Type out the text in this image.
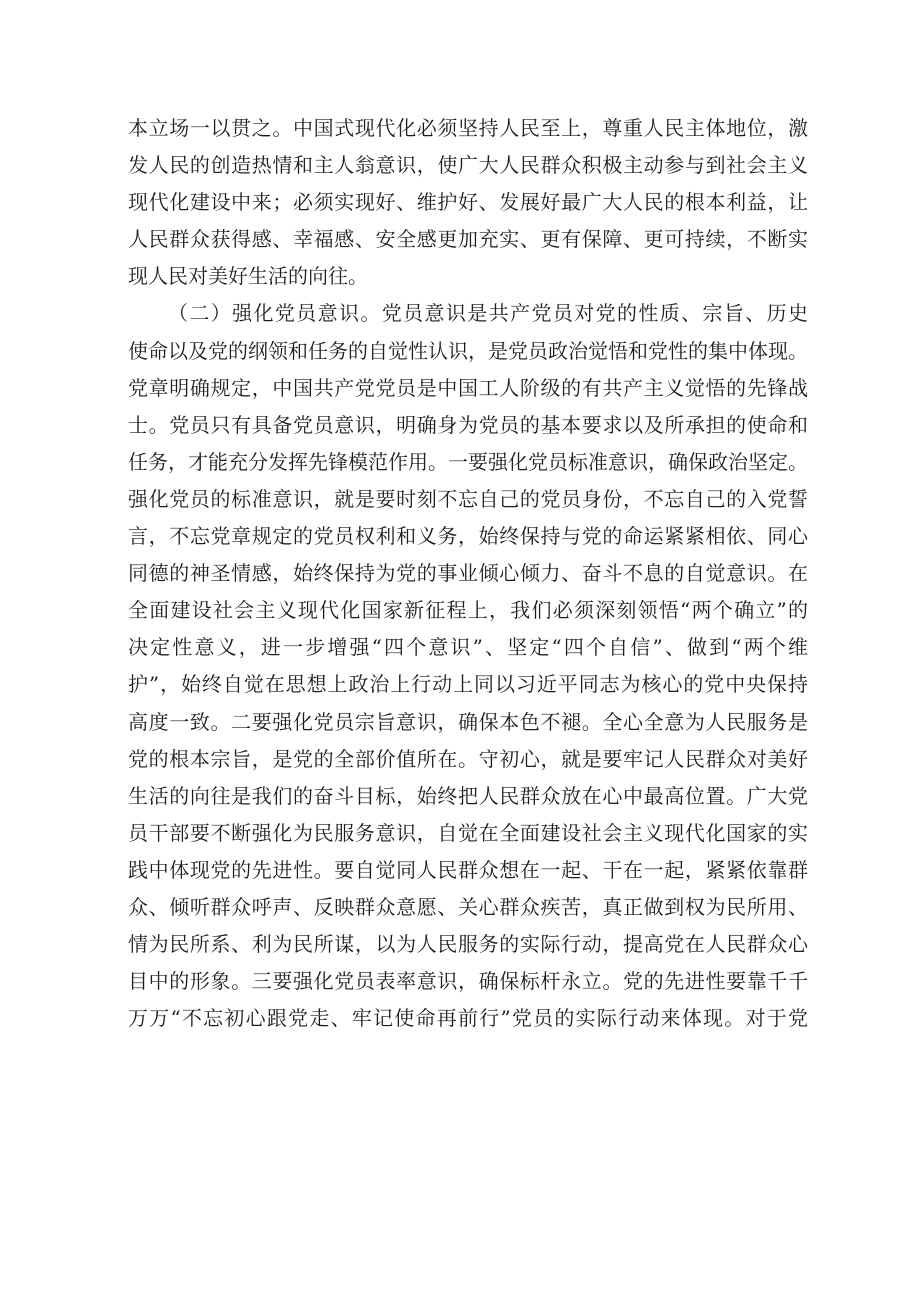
本立场一以贯之。中国式现代化必须坚持人民至上，尊重人民主体地位，激
发人民的创造热情和主人翁意识，使广大人民群众积极主动参与到社会主义
现代化建设中来；必须实现好、维护好、发展好最广大人民的根本利益，让
人民群众获得感、幸福感、安全感更加充实、更有保障、更可持续，不断实
现人民对美好生活的向往。
（二）强化党员意识。党员意识是共产党员对党的性质、宗旨、历史
使命以及党的纲领和任务的自觉性认识，是党员政治觉悟和党性的集中体现。
党章明确规定，中国共产党党员是中国工人阶级的有共产主义觉悟的先锋战
士。党员只有具备党员意识，明确身为党员的基本要求以及所承担的使命和
任务，才能充分发挥先锋模范作用。一要强化党员标准意识，确保政治坚定。
强化党员的标准意识，就是要时刻不忘自己的党员身份，不忘自己的入党誓
言，不忘党章规定的党员权利和义务，始终保持与党的命运紧紧相依、同心
同德的神圣情感，始终保持为党的事业倾心倾力、奋斗不息的自觉意识。在
全面建设社会主义现代化国家新征程上，我们必须深刻领悟“两个确立”的
决定性意义，进一步增强“四个意识”、坚定“四个自信”、做到“两个维
护”，始终自觉在思想上政治上行动上同以习近平同志为核心的党中央保持
高度一致。二要强化党员宗旨意识，确保本色不褪。全心全意为人民服务是
党的根本宗旨，是党的全部价值所在。守初心，就是要牢记人民群众对美好
生活的向往是我们的奋斗目标，始终把人民群众放在心中最高位置。广大党
员干部要不断强化为民服务意识，自觉在全面建设社会主义现代化国家的实
践中体现党的先进性。要自觉同人民群众想在一起、干在一起，紧紧依靠群
众、倾听群众呼声、反映群众意愿、关心群众疾苦，真正做到权为民所用、
情为民所系、利为民所谋，以为人民服务的实际行动，提高党在人民群众心
目中的形象。三要强化党员表率意识，确保标杆永立。党的先进性要靠千千
万万“不忘初心跟党走、牢记使命再前行”党员的实际行动来体现。对于党
